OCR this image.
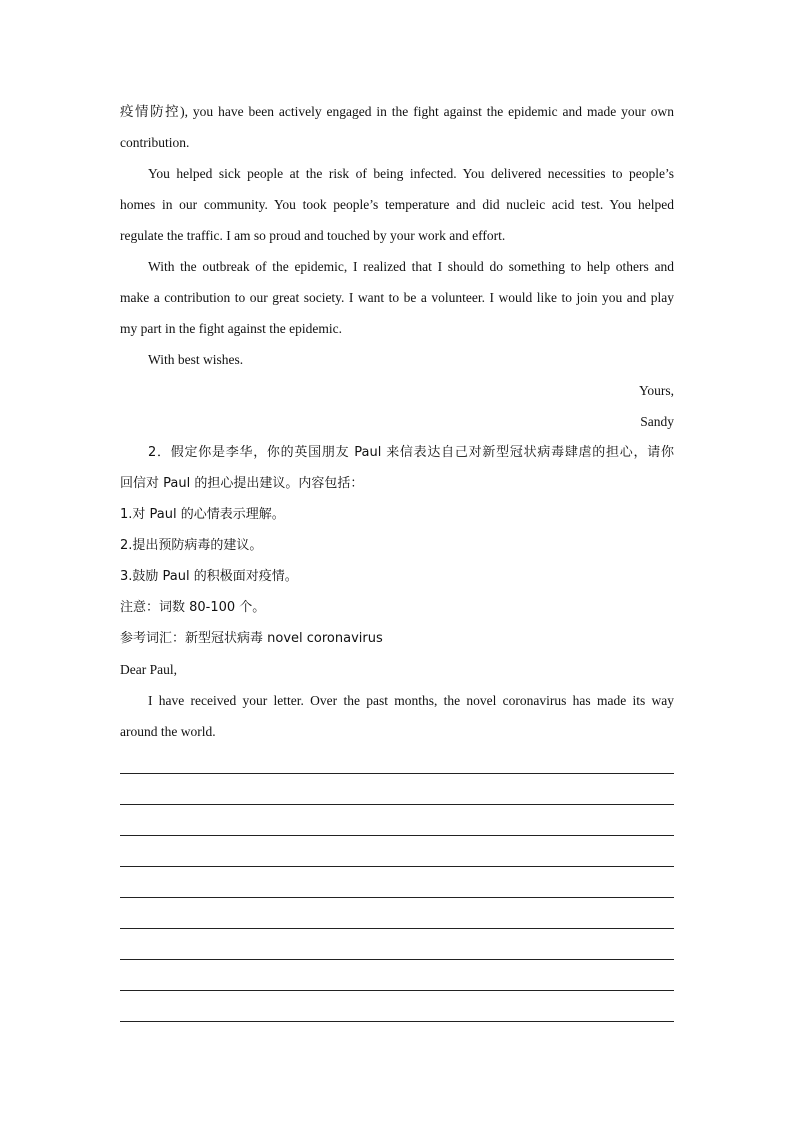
疫情防控), you have been actively engaged in the fight against the epidemic and made your own
contribution.
You helped sick people at the risk of being infected. You delivered necessities to people’s
homes in our community. You took people’s temperature and did nucleic acid test. You helped
regulate the traffic. I am so proud and touched by your work and effort.
With the outbreak of the epidemic, I realized that I should do something to help others and
make a contribution to our great society. I want to be a volunteer. I would like to join you and play
my part in the fight against the epidemic.
With best wishes.
Yours,
Sandy
2．假定你是李华，你的英国朋友 Paul 来信表达自己对新型冠状病毒肆虐的担心，请你
回信对 Paul 的担心提出建议。内容包括：
1.对 Paul 的心情表示理解。
2.提出预防病毒的建议。
3.鼓励 Paul 的积极面对疫情。
注意：词数 80-100 个。
参考词汇：新型冠状病毒 novel coronavirus
Dear Paul,
I have received your letter. Over the past months, the novel coronavirus has made its way
around the world.
